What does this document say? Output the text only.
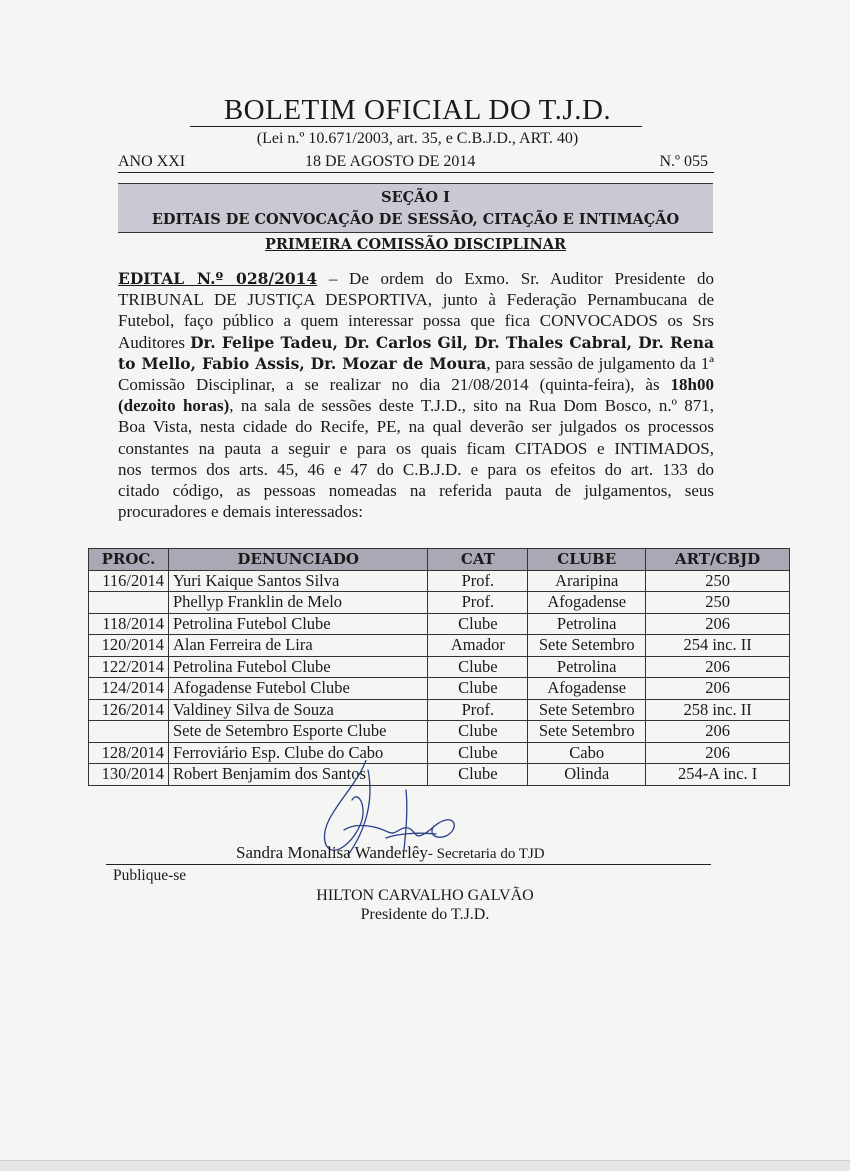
BOLETIM OFICIAL DO T.J.D.
(Lei n.º 10.671/2003, art. 35, e C.B.J.D., ART. 40)
ANO XXI	18 DE AGOSTO DE 2014	N.º 055
SEÇÃO I
EDITAIS DE CONVOCAÇÃO DE SESSÃO, CITAÇÃO E INTIMAÇÃO
PRIMEIRA COMISSÃO DISCIPLINAR
EDITAL N.º 028/2014 – De ordem do Exmo. Sr. Auditor Presidente do
TRIBUNAL DE JUSTIÇA DESPORTIVA, junto à Federação Pernambucana de
Futebol, faço público a quem interessar possa que fica CONVOCADOS os Srs
Auditores Dr. Felipe Tadeu, Dr. Carlos Gil, Dr. Thales Cabral, Dr. Rena
to Mello, Fabio Assis, Dr. Mozar de Moura, para sessão de julgamento da 1ª
Comissão Disciplinar, a se realizar no dia 21/08/2014 (quinta-feira), às 18h00
(dezoito horas), na sala de sessões deste T.J.D., sito na Rua Dom Bosco, n.º 871,
Boa Vista, nesta cidade do Recife, PE, na qual deverão ser julgados os processos
constantes na pauta a seguir e para os quais ficam CITADOS e INTIMADOS,
nos termos dos arts. 45, 46 e 47 do C.B.J.D. e para os efeitos do art. 133 do
citado código, as pessoas nomeadas na referida pauta de julgamentos, seus
procuradores e demais interessados:
PROC.	DENUNCIADO	CAT	CLUBE	ART/CBJD
116/2014	Yuri Kaique Santos Silva	Prof.	Araripina	250
	Phellyp Franklin de Melo	Prof.	Afogadense	250
118/2014	Petrolina Futebol Clube	Clube	Petrolina	206
120/2014	Alan Ferreira de Lira	Amador	Sete Setembro	254 inc. II
122/2014	Petrolina Futebol Clube	Clube	Petrolina	206
124/2014	Afogadense Futebol Clube	Clube	Afogadense	206
126/2014	Valdiney Silva de Souza	Prof.	Sete Setembro	258 inc. II
	Sete de Setembro Esporte Clube	Clube	Sete Setembro	206
128/2014	Ferroviário Esp. Clube do Cabo	Clube	Cabo	206
130/2014	Robert Benjamim dos Santos	Clube	Olinda	254-A inc. I
Sandra Monalisa Wanderlêy- Secretaria do TJD
Publique-se
HILTON CARVALHO GALVÃO
Presidente do T.J.D.
